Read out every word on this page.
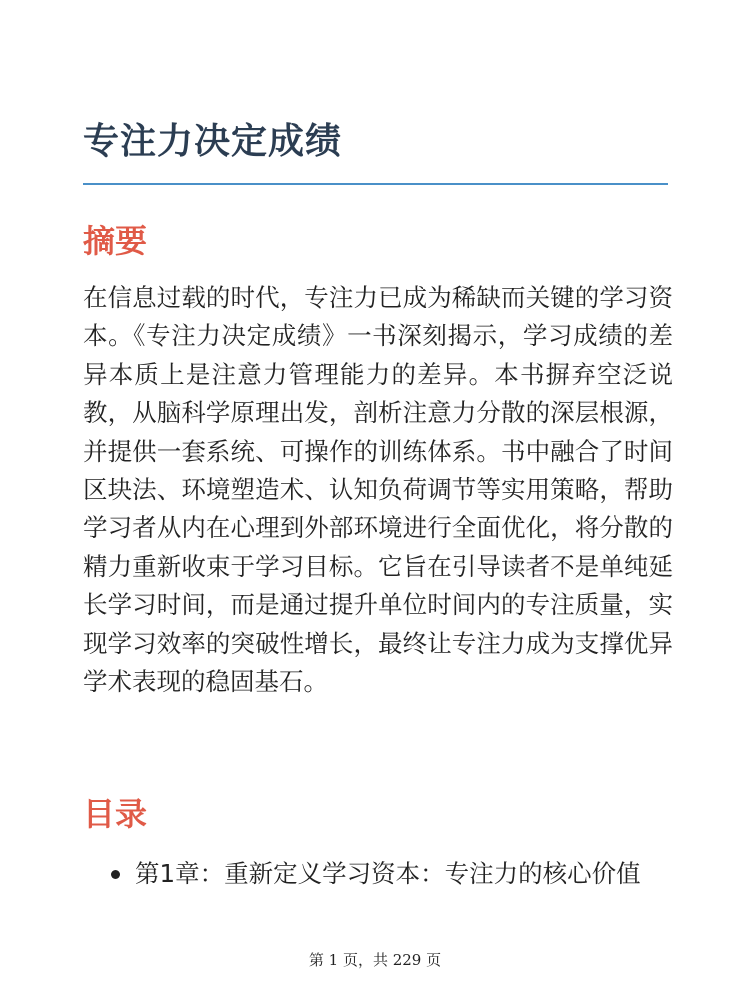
专注力决定成绩
摘要

在信息过载的时代，专注力已成为稀缺而关键的学习资本。《专注力决定成绩》一书深刻揭示，学习成绩的差异本质上是注意力管理能力的差异。本书摒弃空泛说教，从脑科学原理出发，剖析注意力分散的深层根源，并提供一套系统、可操作的训练体系。书中融合了时间区块法、环境塑造术、认知负荷调节等实用策略，帮助学习者从内在心理到外部环境进行全面优化，将分散的精力重新收束于学习目标。它旨在引导读者不是单纯延长学习时间，而是通过提升单位时间内的专注质量，实现学习效率的突破性增长，最终让专注力成为支撑优异学术表现的稳固基石。

目录
第1章：重新定义学习资本：专注力的核心价值
第 1 页，共 229 页
